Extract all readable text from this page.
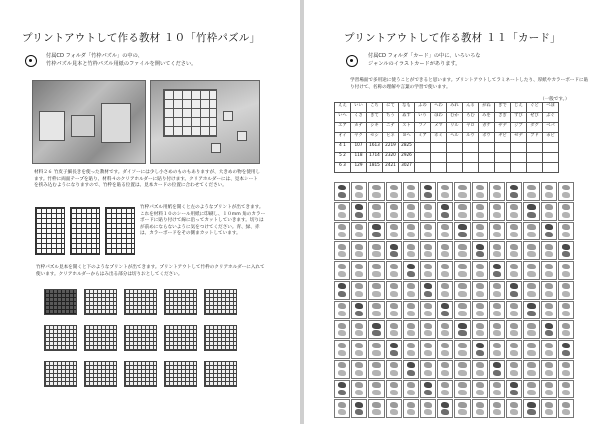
プリントアウトして作る教材 １０「竹枠パズル」
付属CD フォルダ「竹枠パズル」の中の、
竹枠パズル見本と竹枠パズル用紙のファイルを開いてください。
材料２６ 竹皮子細長きを使った教材です。ダイソーには少し小さめのものもありますが、大きめの物を使用します。竹枠に両面テープを貼り、材料４のクリアホルダーに貼り付けます。クリアホルダーには、見本シートを挟み込むようになりますので、竹枠を貼る位置は、見本カードの位置に合わせてください。
竹枠パズル用紙を開くと左のようなプリントが出てきます。これを材料１０のシール用紙に印刷し、１０mm 角のカラーボードに貼り付けて線に沿ってカットしていきます。切りはが前めにならないように気をつけてください。青、緑、赤は、カラーボードをその側まカットしています。
竹枠パズル見本を開くと下のようなプリントが出てきます。プリントアウトして竹枠のクリアホルダーに入れて使います。クリアホルダーからはみ出る部分は切りおとしてください。
プリントアウトして作る教材 １１「カード」
付属CD フォルダ「カード」の中に、いろいろな
ジャンルのイラストカードがあります。
学習場面で多用途に使うことができると思います。プリントアウトしてラミネートしたり、厚紙やカラーボードに貼り付けて、名称の理解や言葉の学習で使います。
（一般です。）
ええ	いい	こち	にて	なも	ふの	へわ	みれ	んる	がね	ぎで	じえ	ぐど	べぼ
いへ	くさ	きて	ちう	ぬす	いり	ほわ	むか	ろむ	みを	ざぎ	ずび	ぜび	ぶぐ
エア	カテ	シキ	ニテ	スト	フノ	メマ	リル	ヤロ	ガケ	ザデ	ジブ	ダグ	ベパ
オイ	ヤク	セシ	ヒネ	ヨヘ	ミア	ホミ	ヘル	ルウ	ボウ	ギビ	ゼデ	ブド	ポピ
4 1	107	1613	2219	2825									
5 2	118	1714	2320	2926									
6 3	129	1815	2421	3027									
